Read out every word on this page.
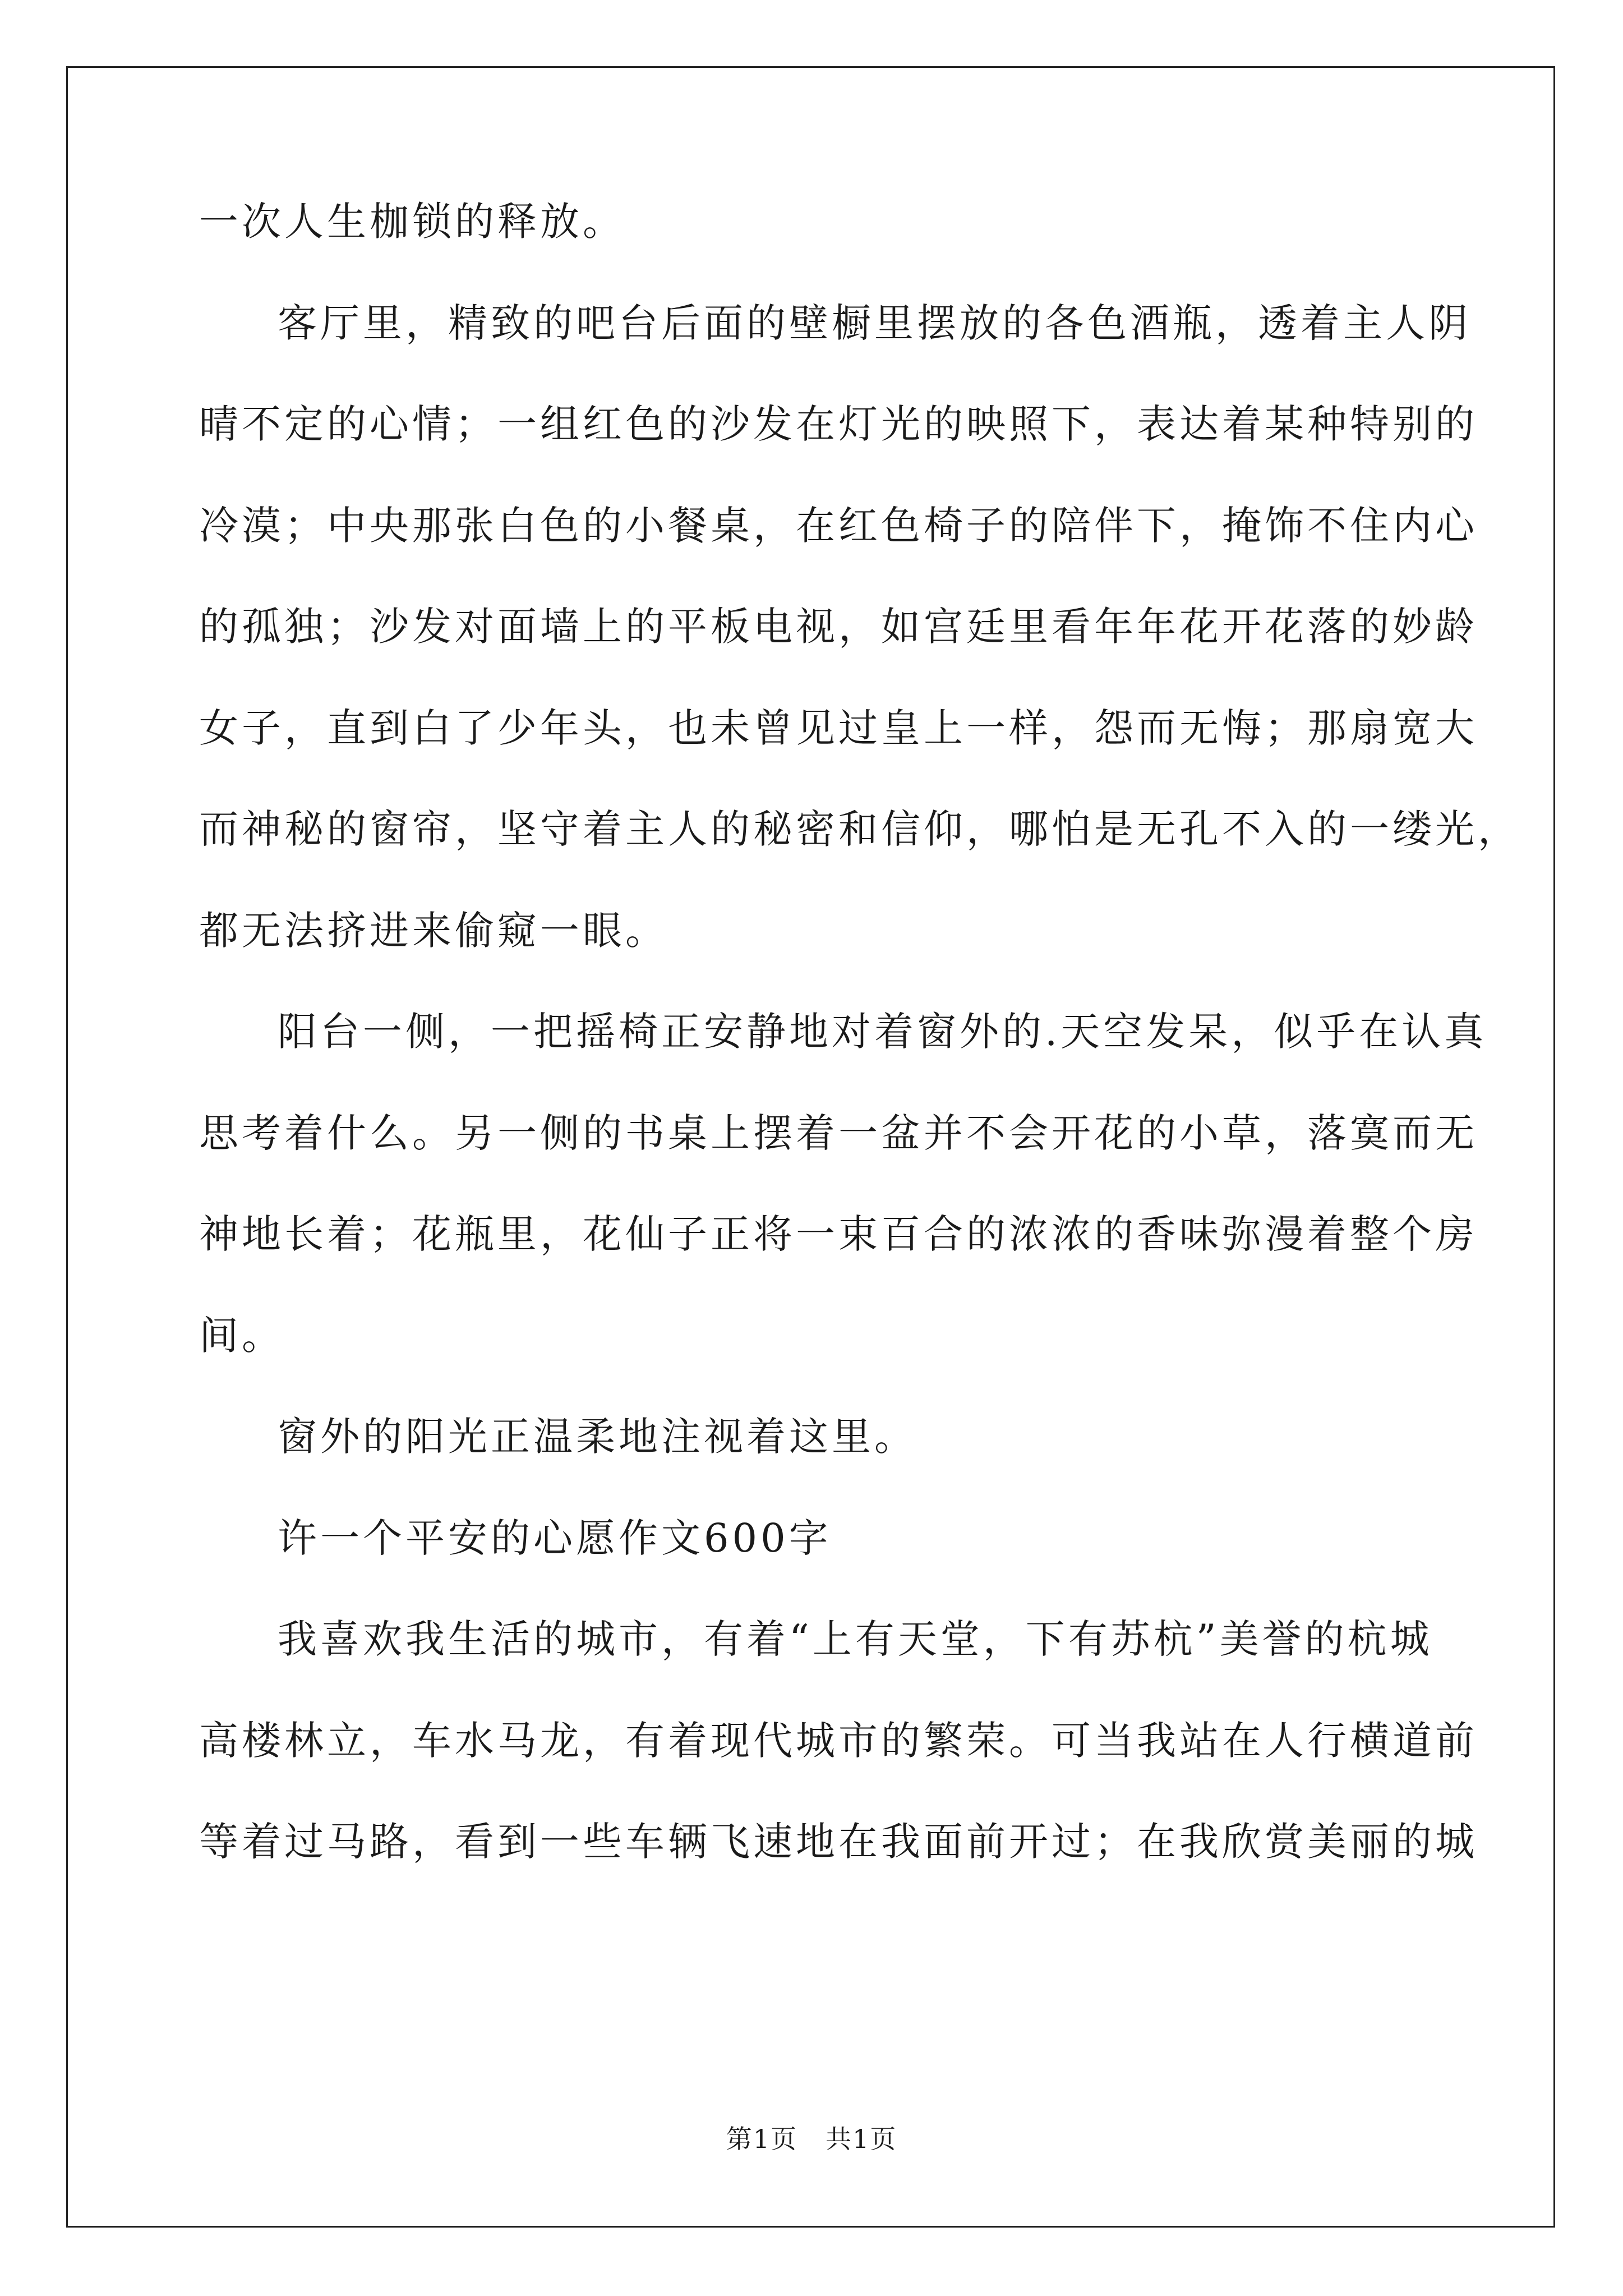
一次人生枷锁的释放。
客厅里，精致的吧台后面的壁橱里摆放的各色酒瓶，透着主人阴
晴不定的心情；一组红色的沙发在灯光的映照下，表达着某种特别的
冷漠；中央那张白色的小餐桌，在红色椅子的陪伴下，掩饰不住内心
的孤独；沙发对面墙上的平板电视，如宫廷里看年年花开花落的妙龄
女子，直到白了少年头，也未曾见过皇上一样，怨而无悔；那扇宽大
而神秘的窗帘，坚守着主人的秘密和信仰，哪怕是无孔不入的一缕光，
都无法挤进来偷窥一眼。
阳台一侧，一把摇椅正安静地对着窗外的.天空发呆，似乎在认真
思考着什么。另一侧的书桌上摆着一盆并不会开花的小草，落寞而无
神地长着；花瓶里，花仙子正将一束百合的浓浓的香味弥漫着整个房
间。
窗外的阳光正温柔地注视着这里。
许一个平安的心愿作文600字
我喜欢我生活的城市，有着“上有天堂，下有苏杭”美誉的杭城
高楼林立，车水马龙，有着现代城市的繁荣。可当我站在人行横道前
等着过马路，看到一些车辆飞速地在我面前开过；在我欣赏美丽的城
第1页 共1页
